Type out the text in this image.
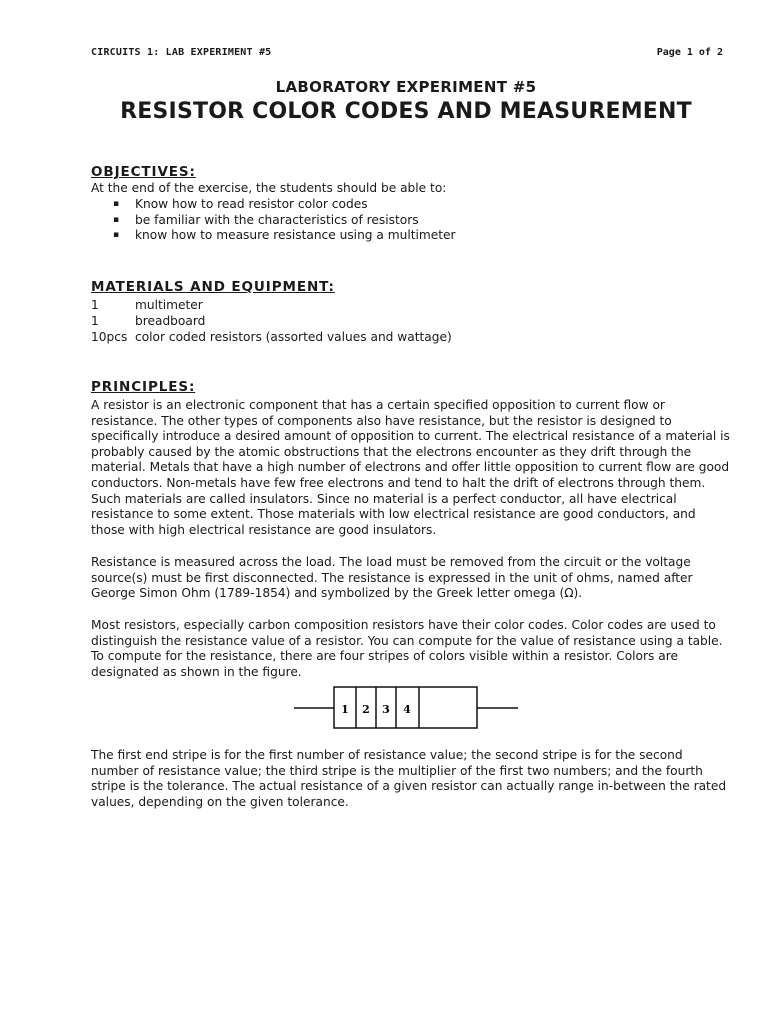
CIRCUITS 1: LAB EXPERIMENT #5	Page 1 of 2
LABORATORY EXPERIMENT #5
RESISTOR COLOR CODES AND MEASUREMENT
OBJECTIVES:
At the end of the exercise, the students should be able to:
▪ Know how to read resistor color codes
▪ be familiar with the characteristics of resistors
▪ know how to measure resistance using a multimeter
MATERIALS AND EQUIPMENT:
1	multimeter
1	breadboard
10pcs color coded resistors (assorted values and wattage)
PRINCIPLES:

A resistor is an electronic component that has a certain specified opposition to current flow or resistance. The other types of components also have resistance, but the resistor is designed to specifically introduce a desired amount of opposition to current. The electrical resistance of a material is probably caused by the atomic obstructions that the electrons encounter as they drift through the material. Metals that have a high number of electrons and offer little opposition to current flow are good conductors. Non-metals have few free electrons and tend to halt the drift of electrons through them. Such materials are called insulators. Since no material is a perfect conductor, all have electrical resistance to some extent. Those materials with low electrical resistance are good conductors, and those with high electrical resistance are good insulators.

Resistance is measured across the load. The load must be removed from the circuit or the voltage source(s) must be first disconnected. The resistance is expressed in the unit of ohms, named after George Simon Ohm (1789-1854) and symbolized by the Greek letter omega (Ω).

Most resistors, especially carbon composition resistors have their color codes. Color codes are used to distinguish the resistance value of a resistor. You can compute for the value of resistance using a table. To compute for the resistance, there are four stripes of colors visible within a resistor. Colors are designated as shown in the figure.

1 2 3 4

The first end stripe is for the first number of resistance value; the second stripe is for the second number of resistance value; the third stripe is the multiplier of the first two numbers; and the fourth stripe is the tolerance. The actual resistance of a given resistor can actually range in-between the rated values, depending on the given tolerance.
